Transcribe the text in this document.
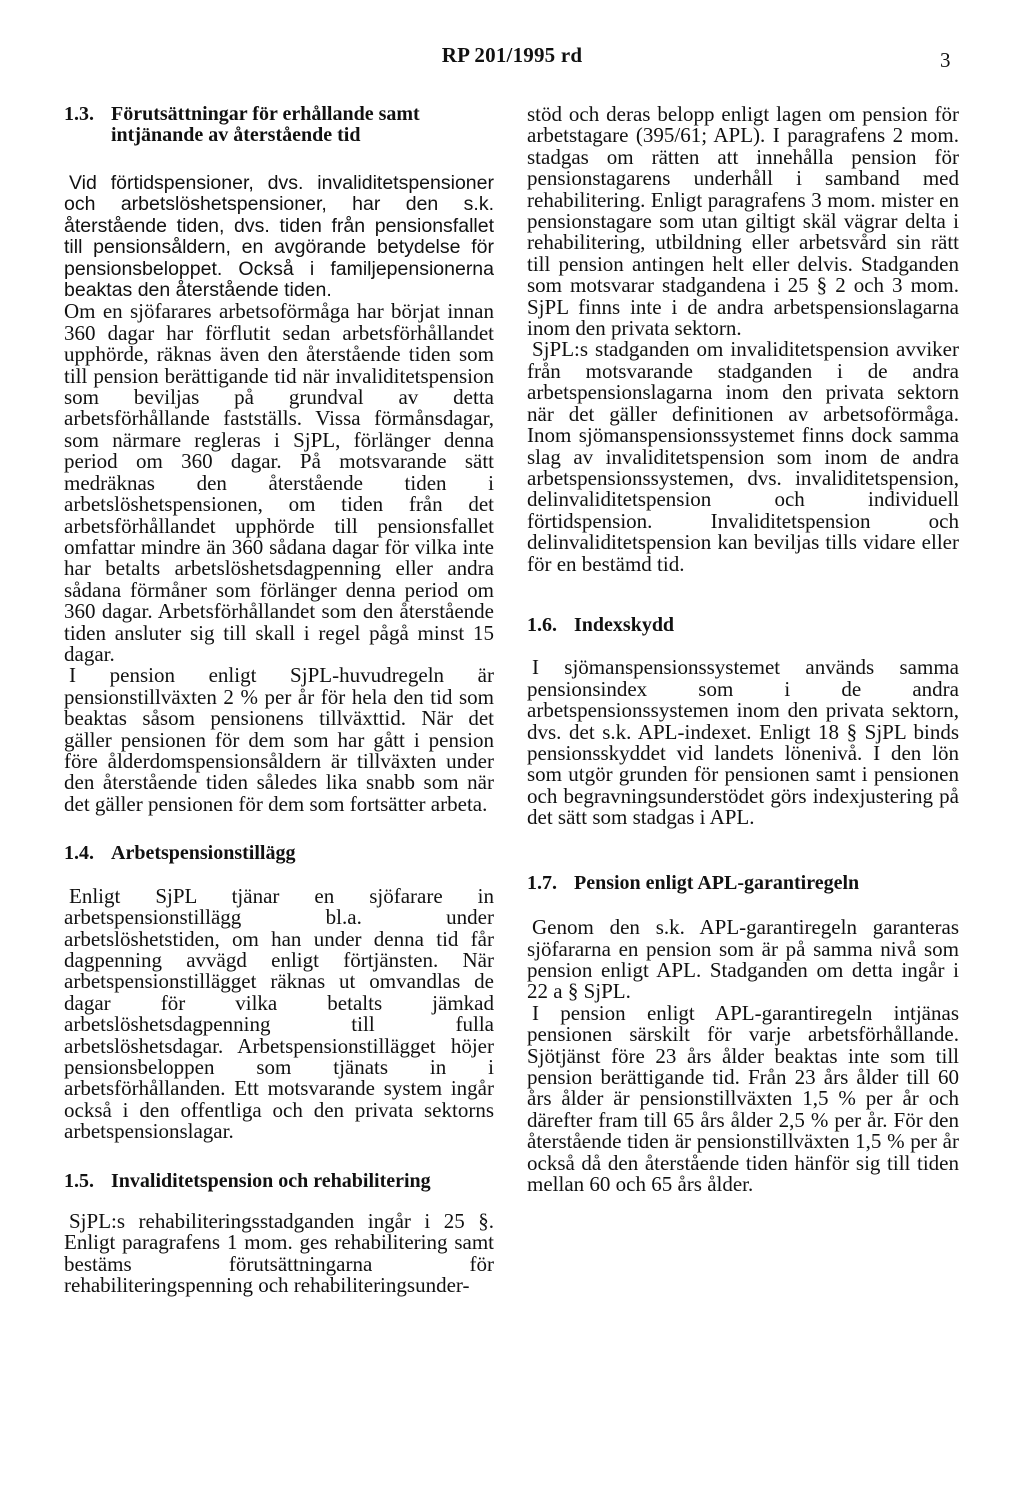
RP 201/1995 rd	3
1.3. Förutsättningar för erhållande samt intjänande av återstående tid

Vid förtidspensioner, dvs. invaliditetspensioner och arbetslöshetspensioner, har den s.k. återstående tiden, dvs. tiden från pensionsfallet till pensionsåldern, en avgörande betydelse för pensionsbeloppet. Också i familjepensionerna beaktas den återstående tiden.

Om en sjöfarares arbetsoförmåga har börjat innan 360 dagar har förflutit sedan arbetsförhållandet upphörde, räknas även den återstående tiden som till pension berättigande tid när invaliditetspension som beviljas på grundval av detta arbetsförhållande fastställs. Vissa förmånsdagar, som närmare regleras i SjPL, förlänger denna period om 360 dagar. På motsvarande sätt medräknas den återstående tiden i arbetslöshetspensionen, om tiden från det arbetsförhållandet upphörde till pensionsfallet omfattar mindre än 360 sådana dagar för vilka inte har betalts arbetslöshetsdagpenning eller andra sådana förmåner som förlänger denna period om 360 dagar. Arbetsförhållandet som den återstående tiden ansluter sig till skall i regel pågå minst 15 dagar.

I pension enligt SjPL-huvudregeln är pensionstillväxten 2 % per år för hela den tid som beaktas såsom pensionens tillväxttid. När det gäller pensionen för dem som har gått i pension före ålderdomspensionsåldern är tillväxten under den återstående tiden således lika snabb som när det gäller pensionen för dem som fortsätter arbeta.

1.4. Arbetspensionstillägg

Enligt SjPL tjänar en sjöfarare in arbetspensionstillägg bl.a. under arbetslöshetstiden, om han under denna tid får dagpenning avvägd enligt förtjänsten. När arbetspensionstillägget räknas ut omvandlas de dagar för vilka betalts jämkad arbetslöshetsdagpenning till fulla arbetslöshetsdagar. Arbetspensionstillägget höjer pensionsbeloppen som tjänats in i arbetsförhållanden. Ett motsvarande system ingår också i den offentliga och den privata sektorns arbetspensionslagar.

1.5. Invaliditetspension och rehabilitering

SjPL:s rehabiliteringsstadganden ingår i 25 §. Enligt paragrafens 1 mom. ges rehabilitering samt bestäms förutsättningarna för rehabiliteringspenning och rehabiliteringsunder-

stöd och deras belopp enligt lagen om pension för arbetstagare (395/61; APL). I paragrafens 2 mom. stadgas om rätten att innehålla pension för pensionstagarens underhåll i samband med rehabilitering. Enligt paragrafens 3 mom. mister en pensionstagare som utan giltigt skäl vägrar delta i rehabilitering, utbildning eller arbetsvård sin rätt till pension antingen helt eller delvis. Stadganden som motsvarar stadgandena i 25 § 2 och 3 mom. SjPL finns inte i de andra arbetspensionslagarna inom den privata sektorn.

SjPL:s stadganden om invaliditetspension avviker från motsvarande stadganden i de andra arbetspensionslagarna inom den privata sektorn när det gäller definitionen av arbetsoförmåga. Inom sjömanspensionssystemet finns dock samma slag av invaliditetspension som inom de andra arbetspensionssystemen, dvs. invaliditetspension, delinvaliditetspension och individuell förtidspension. Invaliditetspension och delinvaliditetspension kan beviljas tills vidare eller för en bestämd tid.

1.6. Indexskydd

I sjömanspensionssystemet används samma pensionsindex som i de andra arbetspensionssystemen inom den privata sektorn, dvs. det s.k. APL-indexet. Enligt 18 § SjPL binds pensionsskyddet vid landets lönenivå. I den lön som utgör grunden för pensionen samt i pensionen och begravningsunderstödet görs indexjustering på det sätt som stadgas i APL.

1.7. Pension enligt APL-garantiregeln

Genom den s.k. APL-garantiregeln garanteras sjöfararna en pension som är på samma nivå som pension enligt APL. Stadganden om detta ingår i 22 a § SjPL.

I pension enligt APL-garantiregeln intjänas pensionen särskilt för varje arbetsförhållande. Sjötjänst före 23 års ålder beaktas inte som till pension berättigande tid. Från 23 års ålder till 60 års ålder är pensionstillväxten 1,5 % per år och därefter fram till 65 års ålder 2,5 % per år. För den återstående tiden är pensionstillväxten 1,5 % per år också då den återstående tiden hänför sig till tiden mellan 60 och 65 års ålder.
